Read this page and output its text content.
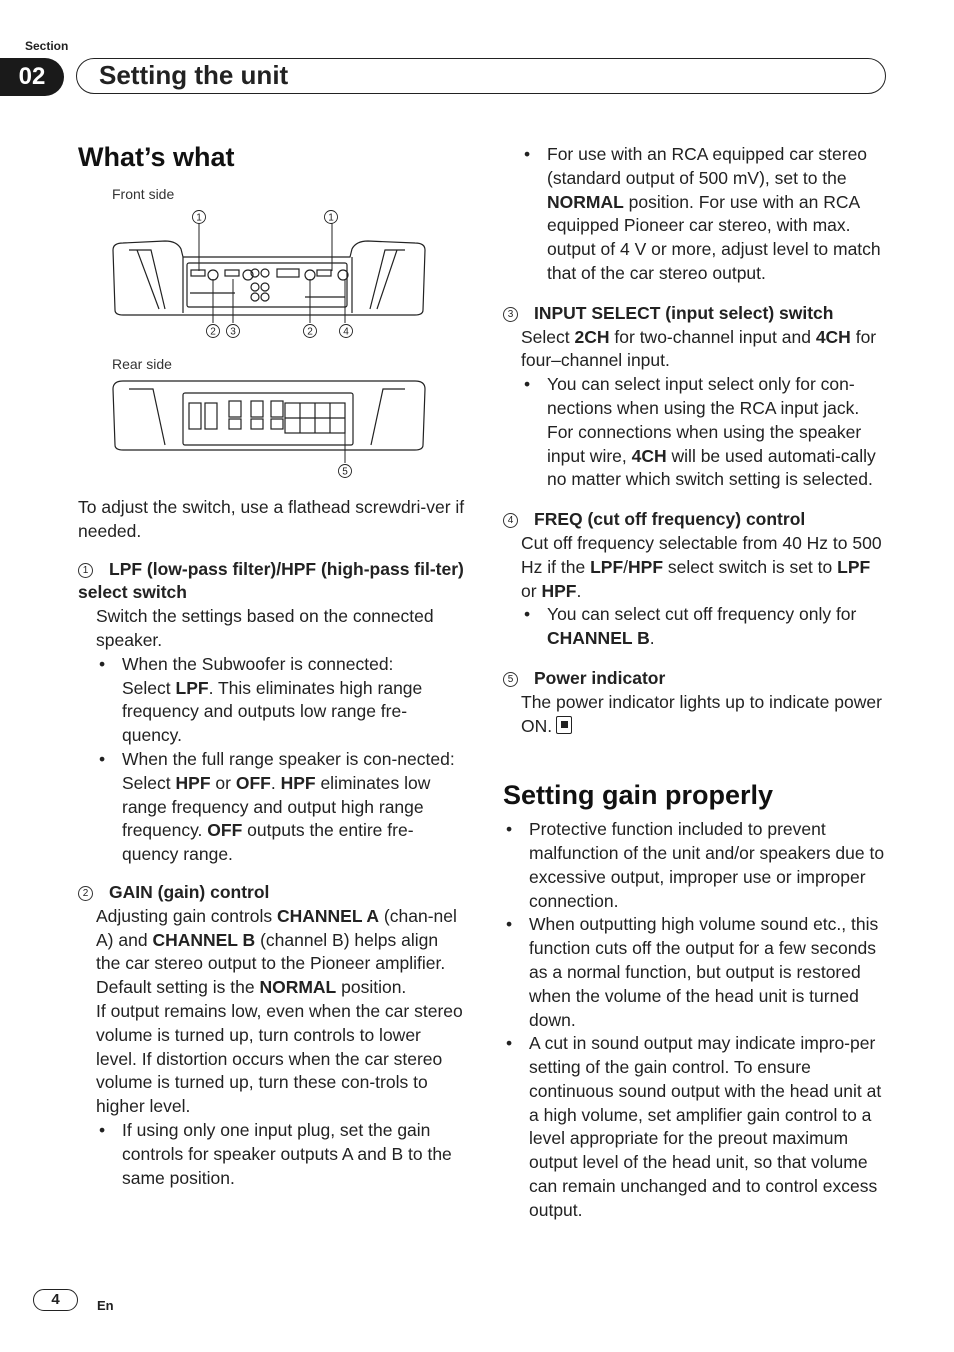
Section
02	Setting the unit
What’s what
Front side
1	1
2 3	2	4
Rear side
5

To adjust the switch, use a flathead screwdri-ver if needed.

1 LPF (low-pass filter)/HPF (high-pass fil-ter) select switch

Switch the settings based on the connected speaker.

• When the Subwoofer is connected:
Select LPF. This eliminates high range frequency and outputs low range fre-quency.
• When the full range speaker is con-nected:
Select HPF or OFF. HPF eliminates low range frequency and output high range frequency. OFF outputs the entire fre-quency range.

2 GAIN (gain) control

Adjusting gain controls CHANNEL A (chan-nel A) and CHANNEL B (channel B) helps align the car stereo output to the Pioneer amplifier. Default setting is the NORMAL position.

If output remains low, even when the car stereo volume is turned up, turn controls to lower level. If distortion occurs when the car stereo volume is turned up, turn these con-trols to higher level.

• If using only one input plug, set the gain controls for speaker outputs A and B to the same position.
• For use with an RCA equipped car stereo (standard output of 500 mV), set to the NORMAL position. For use with an RCA equipped Pioneer car stereo, with max. output of 4 V or more, adjust level to match that of the car stereo output.

3 INPUT SELECT (input select) switch

Select 2CH for two-channel input and 4CH for four–channel input.

• You can select input select only for con-nections when using the RCA input jack. For connections when using the speaker input wire, 4CH will be used automati-cally no matter which switch setting is selected.

4 FREQ (cut off frequency) control

Cut off frequency selectable from 40 Hz to 500 Hz if the LPF/HPF select switch is set to LPF or HPF.

• You can select cut off frequency only for CHANNEL B.

5 Power indicator

The power indicator lights up to indicate power ON.

Setting gain properly
• Protective function included to prevent malfunction of the unit and/or speakers due to excessive output, improper use or improper connection.
• When outputting high volume sound etc., this function cuts off the output for a few seconds as a normal function, but output is restored when the volume of the head unit is turned down.
• A cut in sound output may indicate impro-per setting of the gain control. To ensure continuous sound output with the head unit at a high volume, set amplifier gain control to a level appropriate for the preout maximum output level of the head unit, so that volume can remain unchanged and to control excess output.
4	En
